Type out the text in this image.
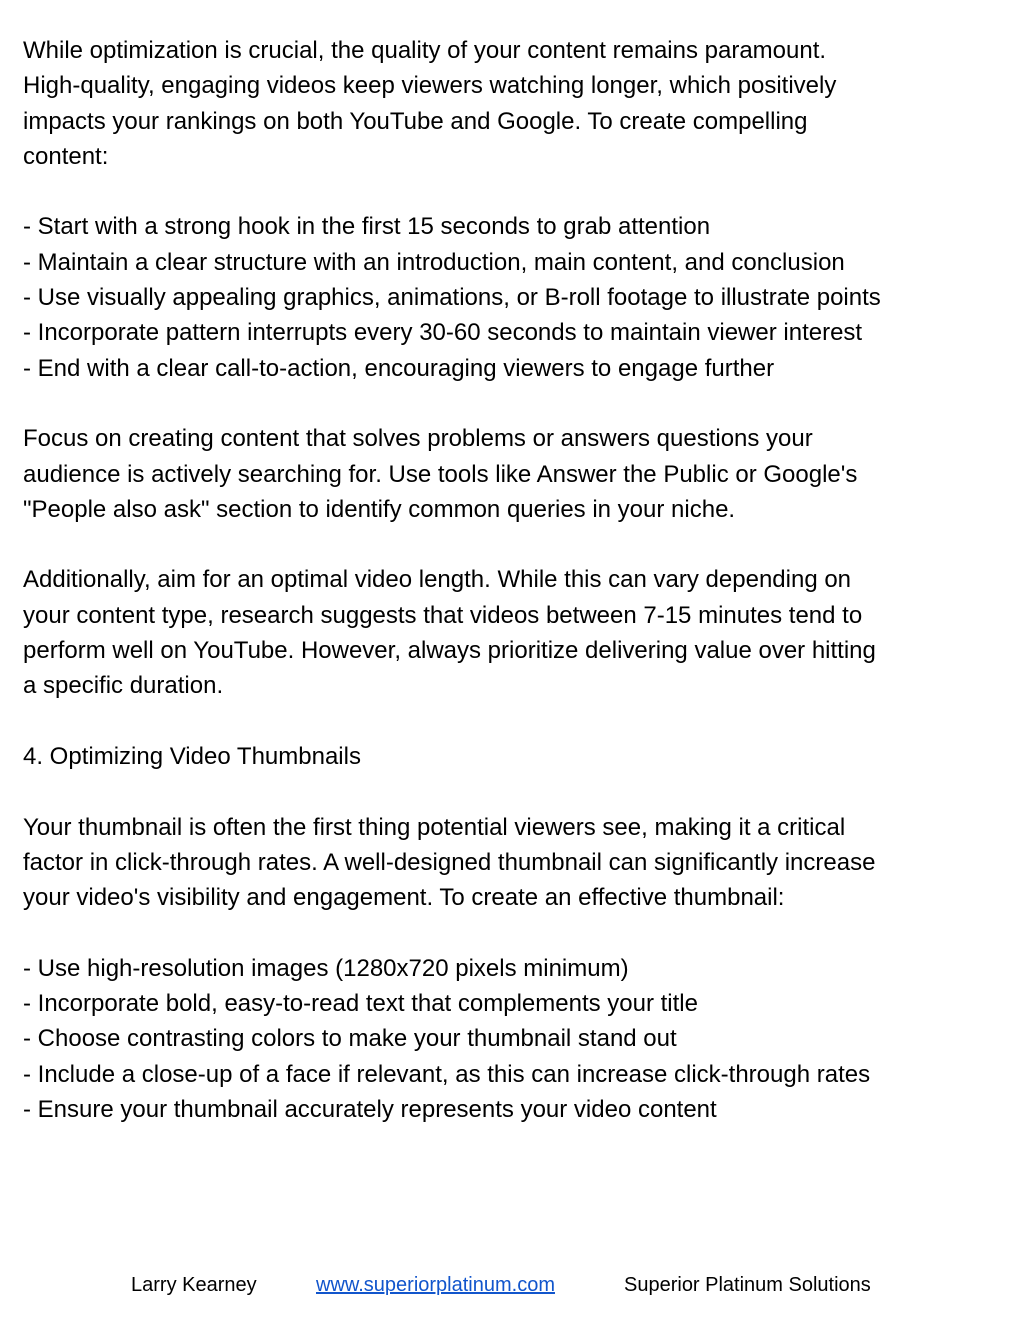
While optimization is crucial, the quality of your content remains paramount.
High-quality, engaging videos keep viewers watching longer, which positively
impacts your rankings on both YouTube and Google. To create compelling
content:
- Start with a strong hook in the first 15 seconds to grab attention
- Maintain a clear structure with an introduction, main content, and conclusion
- Use visually appealing graphics, animations, or B-roll footage to illustrate points
- Incorporate pattern interrupts every 30-60 seconds to maintain viewer interest
- End with a clear call-to-action, encouraging viewers to engage further
Focus on creating content that solves problems or answers questions your
audience is actively searching for. Use tools like Answer the Public or Google's
"People also ask" section to identify common queries in your niche.
Additionally, aim for an optimal video length. While this can vary depending on
your content type, research suggests that videos between 7-15 minutes tend to
perform well on YouTube. However, always prioritize delivering value over hitting
a specific duration.
4. Optimizing Video Thumbnails
Your thumbnail is often the first thing potential viewers see, making it a critical
factor in click-through rates. A well-designed thumbnail can significantly increase
your video's visibility and engagement. To create an effective thumbnail:
- Use high-resolution images (1280x720 pixels minimum)
- Incorporate bold, easy-to-read text that complements your title
- Choose contrasting colors to make your thumbnail stand out
- Include a close-up of a face if relevant, as this can increase click-through rates
- Ensure your thumbnail accurately represents your video content
Larry Kearney	www.superiorplatinum.com	Superior Platinum Solutions
